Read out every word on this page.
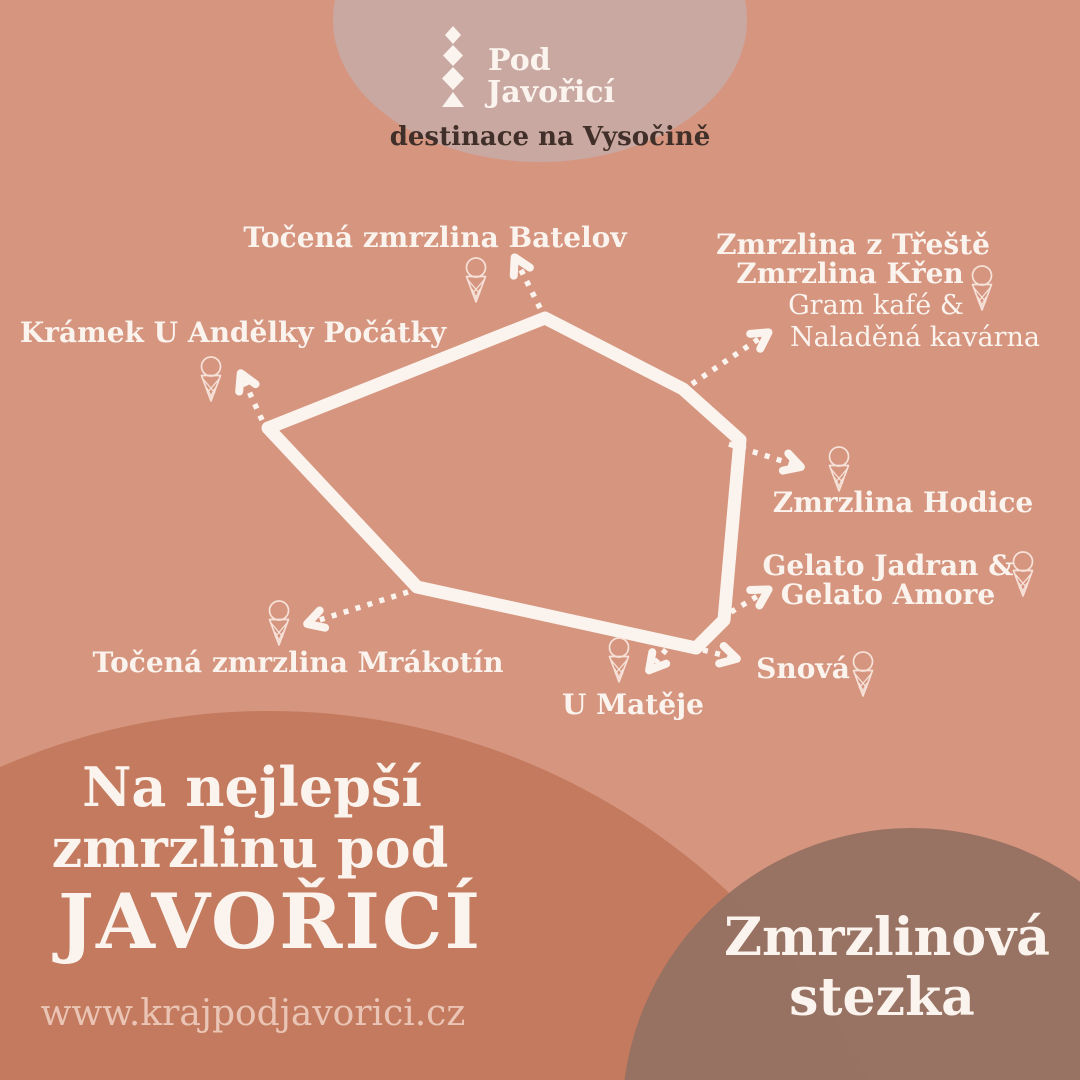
Pod
Javořicí
destinace na Vysočině
Točená zmrzlina Batelov	Zmrzlina z Třeště
Zmrzlina Křen
Gram kafé &
Naladěná kavárna
Krámek U Andělky Počátky
Zmrzlina Hodice
Gelato Jadran &
Gelato Amore
Snová
U Matěje
Točená zmrzlina Mrákotín
Na nejlepší
zmrzlinu pod
JAVOŘICÍ
www.krajpodjavorici.cz
Zmrzlinová
stezka
